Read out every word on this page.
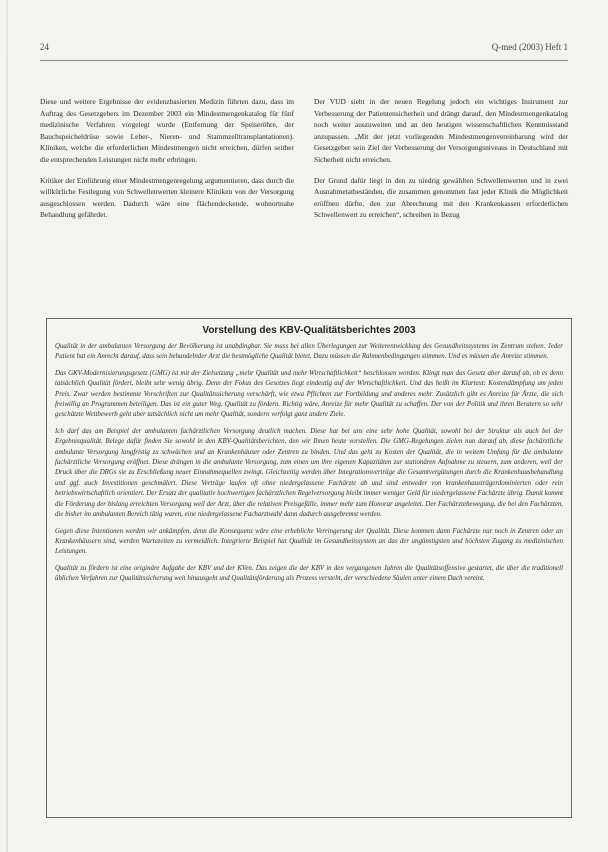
24	Q-med (2003) Heft 1

Diese und weitere Ergebnisse der evidenzbasierten Medizin führten dazu, dass im Auftrag des Gesetzgebers im Dezember 2003 ein Mindestmengenkatalog für fünf medizinische Verfahren vorgelegt wurde (Entfernung der Speiseröhre, der Bauchspeicheldrüse sowie Leber-, Nieren- und Stammzelltransplantationen). Kliniken, welche die erforderlichen Mindestmengen nicht erreichen, dürfen seither die entsprechenden Leistungen nicht mehr erbringen.

Kritiker der Einführung einer Mindestmengenregelung argumentieren, dass durch die willkürliche Festlegung von Schwellenwerten kleinere Kliniken von der Versorgung ausgeschlossen werden. Dadurch wäre eine flächendeckende, wohnortnahe Behandlung gefährdet.

Der VUD sieht in der neuen Regelung jedoch ein wichtiges Instrument zur Verbesserung der Patientensicherheit und drängt darauf, den Mindestmengenkatalog noch weiter auszuweiten und an den heutigen wissenschaftlichen Kenntnisstand anzupassen. „Mit der jetzt vorliegenden Mindestmengenvereinbarung wird der Gesetzgeber sein Ziel der Verbesserung der Versorgungsniveaus in Deutschland mit Sicherheit nicht erreichen.

Der Grund dafür liegt in den zu niedrig gewählten Schwellenwerten und in zwei Ausnahmetatbeständen, die zusammen genommen fast jeder Klinik die Möglichkeit eröffnen dürfte, den zur Abrechnung mit den Krankenkassen erforderlichen Schwellenwert zu erreichen“, schreiben in Bezug

Vorstellung des KBV-Qualitätsberichtes 2003

Qualität in der ambulanten Versorgung der Bevölkerung ist unabdingbar. Sie muss bei allen Überlegungen zur Weiterentwicklung des Gesundheitssystems im Zentrum stehen. Jeder Patient hat ein Anrecht darauf, dass sein behandelnder Arzt die bestmögliche Qualität bietet. Dazu müssen die Rahmenbedingungen stimmen. Und es müssen die Anreize stimmen.

Das GKV-Modernisierungsgesetz (GMG) ist mit der Zielsetzung „mehr Qualität und mehr Wirtschaftlichkeit“ beschlossen worden. Klingt man das Gesetz aber darauf ab, ob es denn tatsächlich Qualität fördert, bleibt sehr wenig übrig. Denn der Fokus des Gesetzes liegt eindeutig auf der Wirtschaftlichkeit. Und das heißt im Klartext: Kostendämpfung um jeden Preis. Zwar werden bestimmte Vorschriften zur Qualitätssicherung verschärft, wie etwa Pflichten zur Fortbildung und anderes mehr. Zusätzlich gibt es Anreize für Ärzte, die sich freiwillig an Programmen beteiligen. Das ist ein guter Weg, Qualität zu fördern. Richtig wäre, Anreize für mehr Qualität zu schaffen. Der von der Politik und ihren Beratern so sehr geschätzte Wettbewerb geht aber tatsächlich nicht um mehr Qualität, sondern verfolgt ganz andere Ziele.

Ich darf das am Beispiel der ambulanten fachärztlichen Versorgung deutlich machen. Diese hat bei uns eine sehr hohe Qualität, sowohl bei der Struktur als auch bei der Ergebnisqualität. Belege dafür finden Sie sowohl in den KBV-Qualitätsberichten, den wir Ihnen heute vorstellen. Die GMG-Regelungen zielen nun darauf ab, diese fachärztliche ambulante Versorgung langfristig zu schwächen und an Krankenhäuser oder Zentren zu binden. Und das geht zu Kosten der Qualität, die in weitem Umfang für die ambulante fachärztliche Versorgung eröffnet. Diese drängen in die ambulante Versorgung, zum einen um ihre eigenen Kapazitäten zur stationären Aufnahme zu steuern, zum anderen, weil der Druck über die DRGs sie zu Erschließung neuer Einnahmequellen zwingt. Gleichzeitig werden über Integrationsverträge die Gesamtvergütungen durch die Krankenhausbehandlung und ggf. auch Investitionen geschmälert. Diese Verträge laufen oft ohne niedergelassene Fachärzte ab und sind entweder von krankenhausträgerdominierten oder rein betriebswirtschaftlich orientiert. Der Ersatz der qualitativ hochwertigen fachärztlichen Regelversorgung bleibt immer weniger Geld für niedergelassene Fachärzte übrig. Damit kommt die Förderung der bislang erreichten Versorgung weil der Arzt, über die relativen Preisgefälle, immer mehr zum Honorar angeleitet. Der Fachärztebewegung, die bei den Fachärzten, die bisher im ambulanten Bereich tätig waren, eine niedergelassene Facharztwahl dann dadurch ausgebremst werden.

Gegen diese Intentionen werden wir ankämpfen, denn die Konsequenz wäre eine erhebliche Verringerung der Qualität. Diese kommen dann Fachärzte nur noch in Zentren oder an Krankenhäusern sind, werden Wartezeiten zu vermeidlich. Integrierte Beispiel hat Qualität im Gesundheitssystem an das der ungünstigsten und höchsten Zugang zu medizinischen Leistungen.

Qualität zu fördern ist eine originäre Aufgabe der KBV und der KVen. Das zeigen die der KBV in den vergangenen Jahren die Qualitätsoffensive gestartet, die über die traditionell üblichen Verfahren zur Qualitätssicherung weit hinausgeht und Qualitätsförderung als Prozess versteht, der verschiedene Säulen unter einem Dach vereint.
